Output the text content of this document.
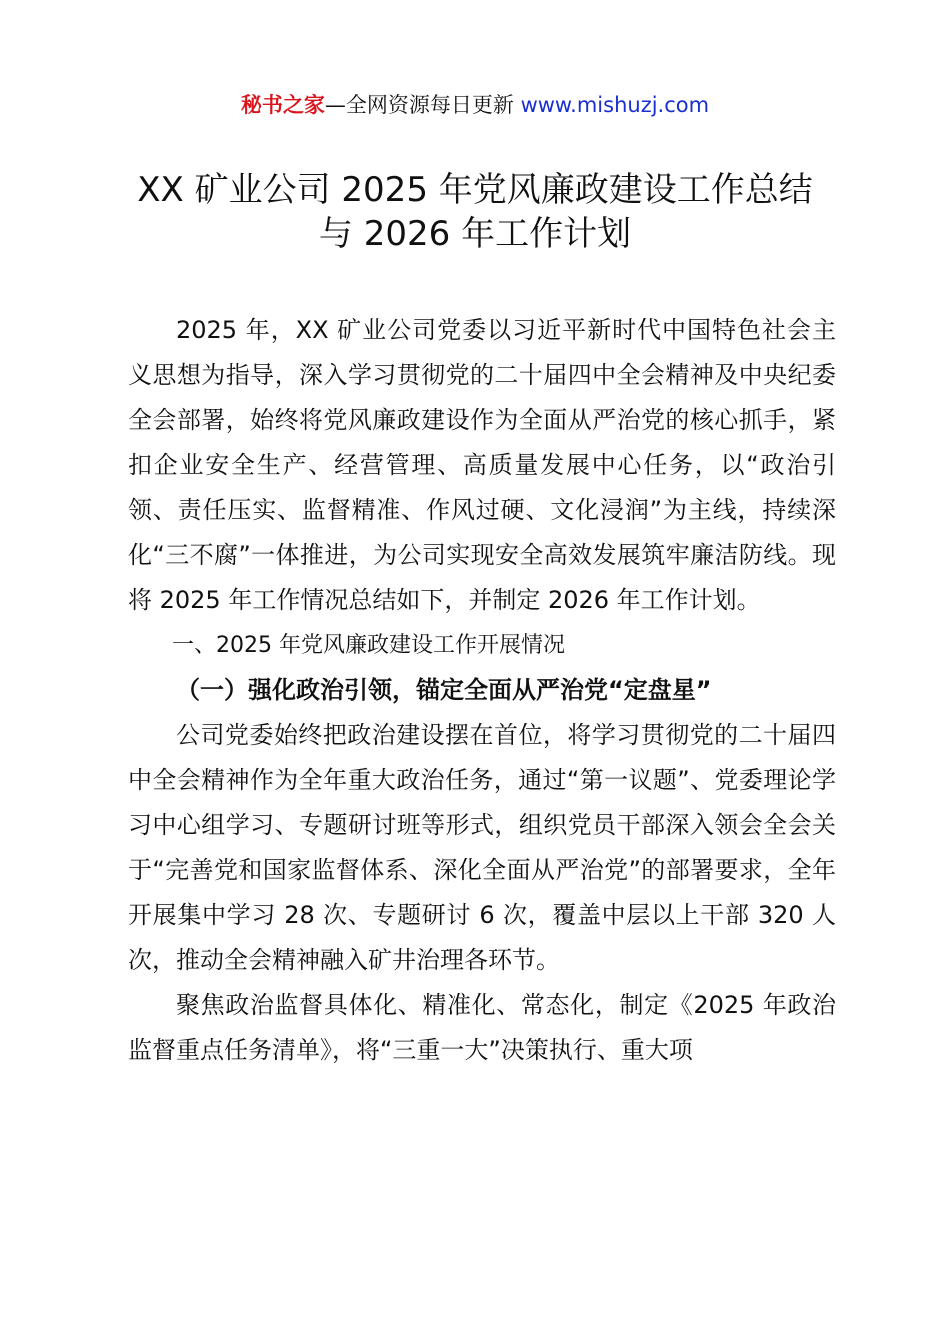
秘书之家—全网资源每日更新 www.mishuzj.com
XX 矿业公司 2025 年党风廉政建设工作总结
与 2026 年工作计划

2025 年，XX 矿业公司党委以习近平新时代中国特色社会主义思想为指导，深入学习贯彻党的二十届四中全会精神及中央纪委全会部署，始终将党风廉政建设作为全面从严治党的核心抓手，紧扣企业安全生产、经营管理、高质量发展中心任务，以“政治引领、责任压实、监督精准、作风过硬、文化浸润”为主线，持续深化“三不腐”一体推进，为公司实现安全高效发展筑牢廉洁防线。现将 2025 年工作情况总结如下，并制定 2026 年工作计划。

一、2025 年党风廉政建设工作开展情况

（一）强化政治引领，锚定全面从严治党“定盘星”

公司党委始终把政治建设摆在首位，将学习贯彻党的二十届四中全会精神作为全年重大政治任务，通过“第一议题”、党委理论学习中心组学习、专题研讨班等形式，组织党员干部深入领会全会关于“完善党和国家监督体系、深化全面从严治党”的部署要求，全年开展集中学习 28 次、专题研讨 6 次，覆盖中层以上干部 320 人次，推动全会精神融入矿井治理各环节。

聚焦政治监督具体化、精准化、常态化，制定《2025 年政治监督重点任务清单》，将“三重一大”决策执行、重大项
